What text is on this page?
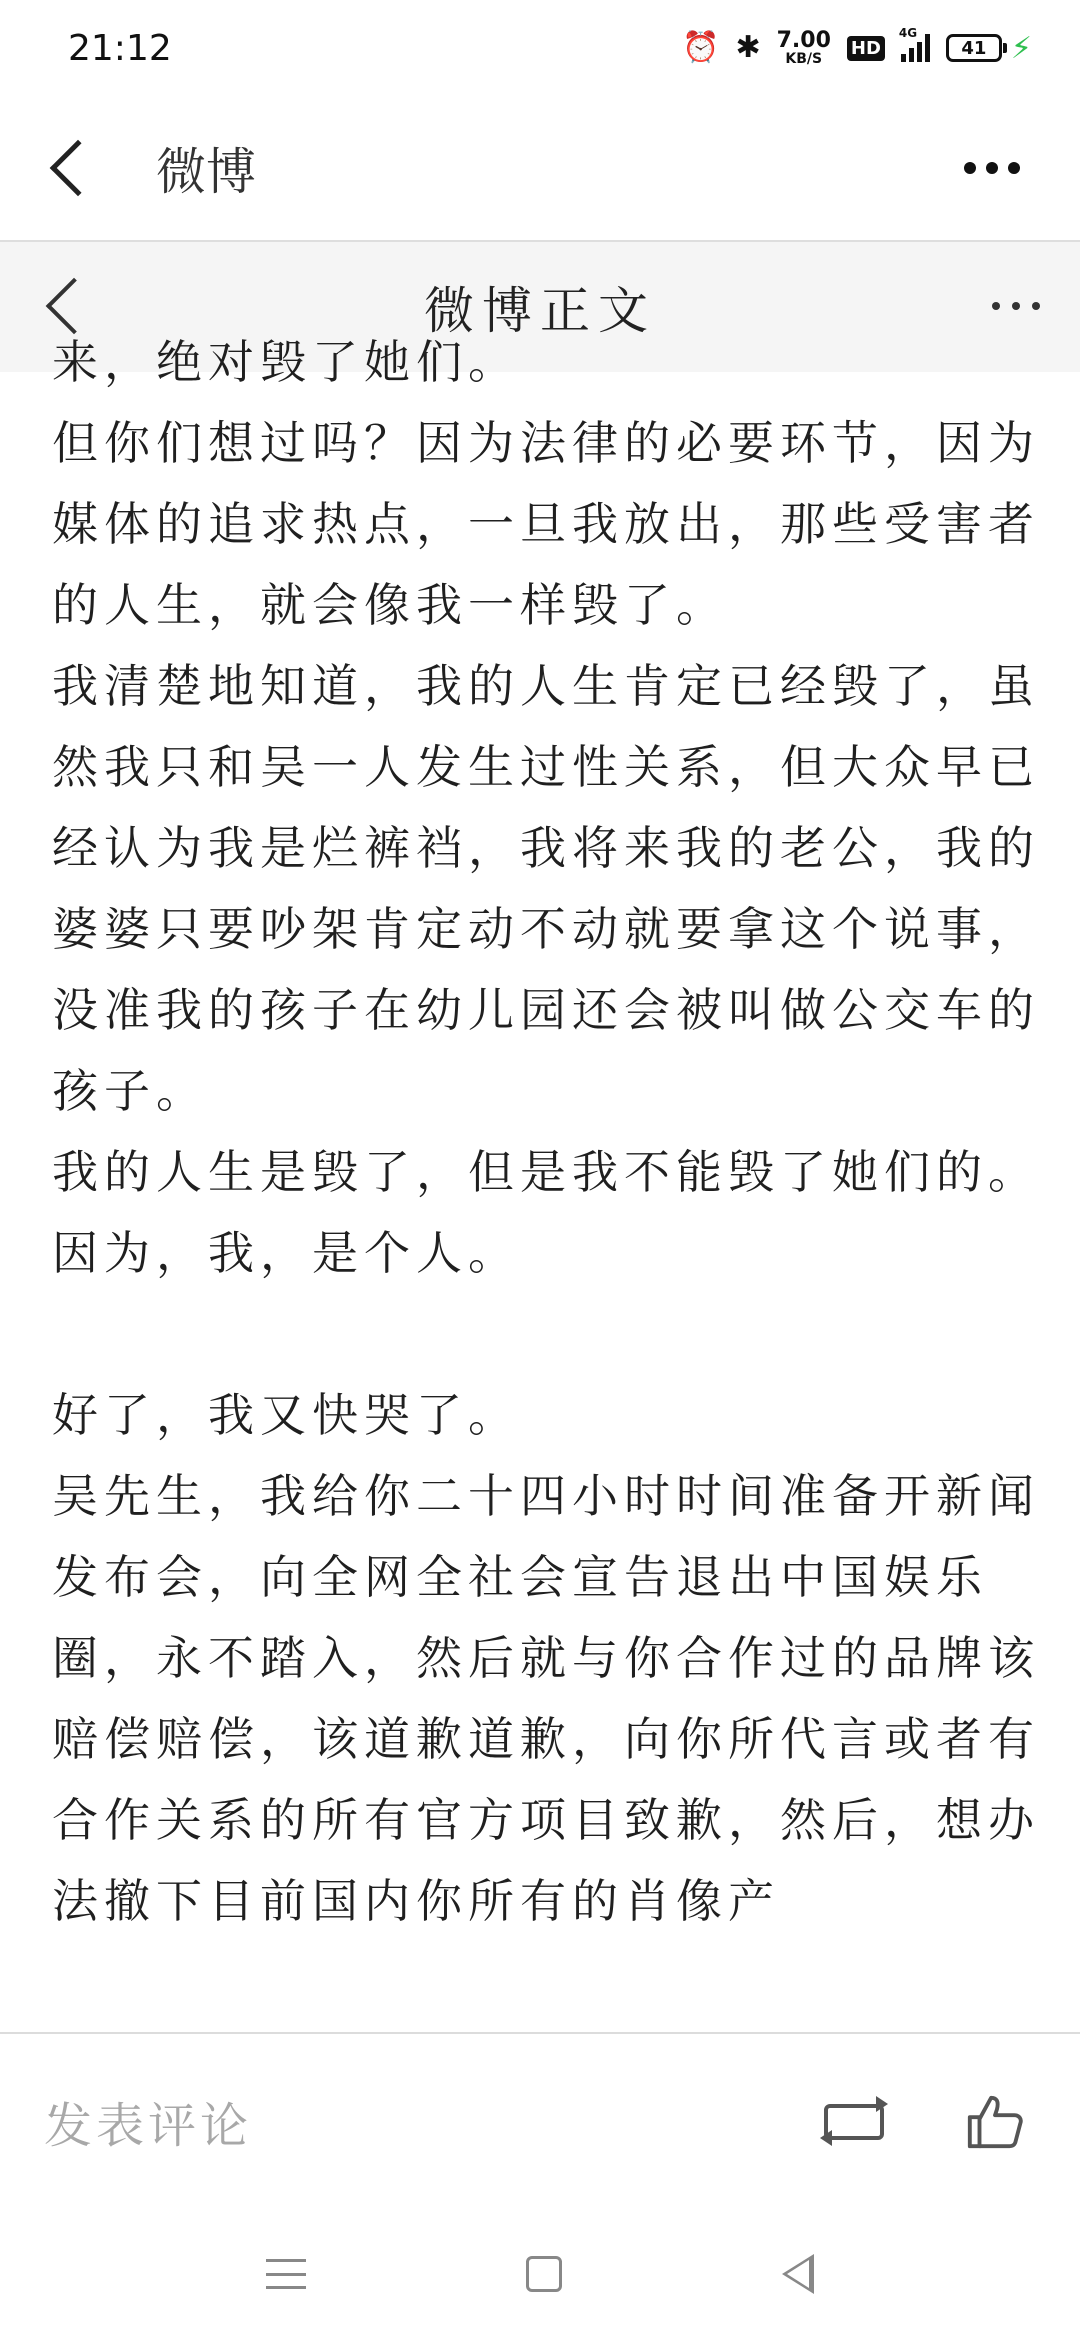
21:12	⏰ ✱ 7.00
KB/S
HD
4G
41 ⚡
微博
微博正文
来，绝对毁了她们。
但你们想过吗？因为法律的必要环节，因为媒体的追求热点，一旦我放出，那些受害者的人生，就会像我一样毁了。
我清楚地知道，我的人生肯定已经毁了，虽然我只和吴一人发生过性关系，但大众早已经认为我是烂裤裆，我将来我的老公，我的婆婆只要吵架肯定动不动就要拿这个说事，没准我的孩子在幼儿园还会被叫做公交车的孩子。
我的人生是毁了，但是我不能毁了她们的。
因为，我，是个人。
好了，我又快哭了。
吴先生，我给你二十四小时时间准备开新闻发布会，向全网全社会宣告退出中国娱乐圈，永不踏入，然后就与你合作过的品牌该赔偿赔偿，该道歉道歉，向你所代言或者有合作关系的所有官方项目致歉，然后，想办法撤下目前国内你所有的肖像产
发表评论
